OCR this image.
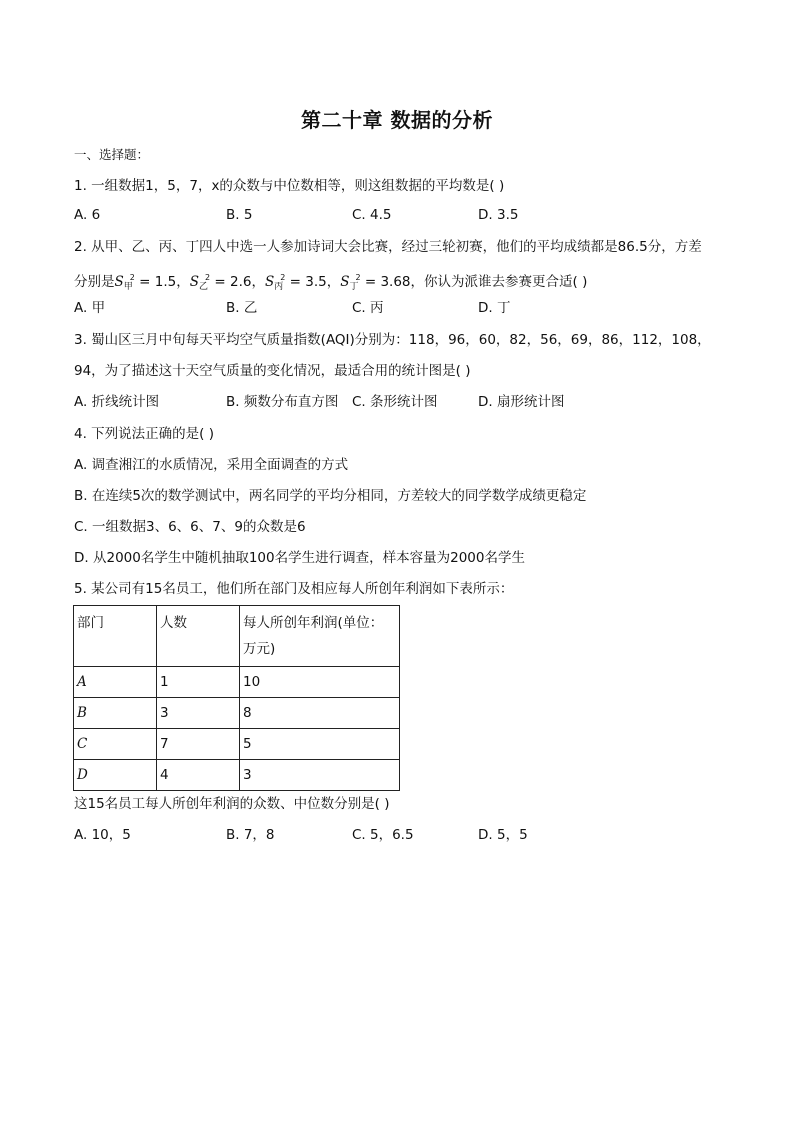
第二十章 数据的分析
一、选择题：
1. 一组数据1，5，7，x的众数与中位数相等，则这组数据的平均数是( )
A. 6	B. 5	C. 4.5	D. 3.5
2. 从甲、乙、丙、丁四人中选一人参加诗词大会比赛，经过三轮初赛，他们的平均成绩都是86.5分，方差
分别是$S_甲^2 = 1.5$，$S_乙^2 = 2.6$，$S_丙^2 = 3.5$，$S_丁^2 = 3.68$，你认为派谁去参赛更合适( )
A. 甲	B. 乙	C. 丙	D. 丁
3. 蜀山区三月中旬每天平均空气质量指数(AQI)分别为：118，96，60，82，56，69，86，112，108，
94，为了描述这十天空气质量的变化情况，最适合用的统计图是( )
A. 折线统计图	B. 频数分布直方图 C. 条形统计图	D. 扇形统计图
4. 下列说法正确的是( )
A. 调查湘江的水质情况，采用全面调查的方式
B. 在连续5次的数学测试中，两名同学的平均分相同，方差较大的同学数学成绩更稳定
C. 一组数据3、6、6、7、9的众数是6
D. 从2000名学生中随机抽取100名学生进行调查，样本容量为2000名学生
5. 某公司有15名员工，他们所在部门及相应每人所创年利润如下表所示：
部门	人数	每人所创年利润(单位：
万元)
A	1	10
B	3	8
C	7	5
D	4	3
这15名员工每人所创年利润的众数、中位数分别是( )
A. 10，5	B. 7，8	C. 5，6.5	D. 5，5
